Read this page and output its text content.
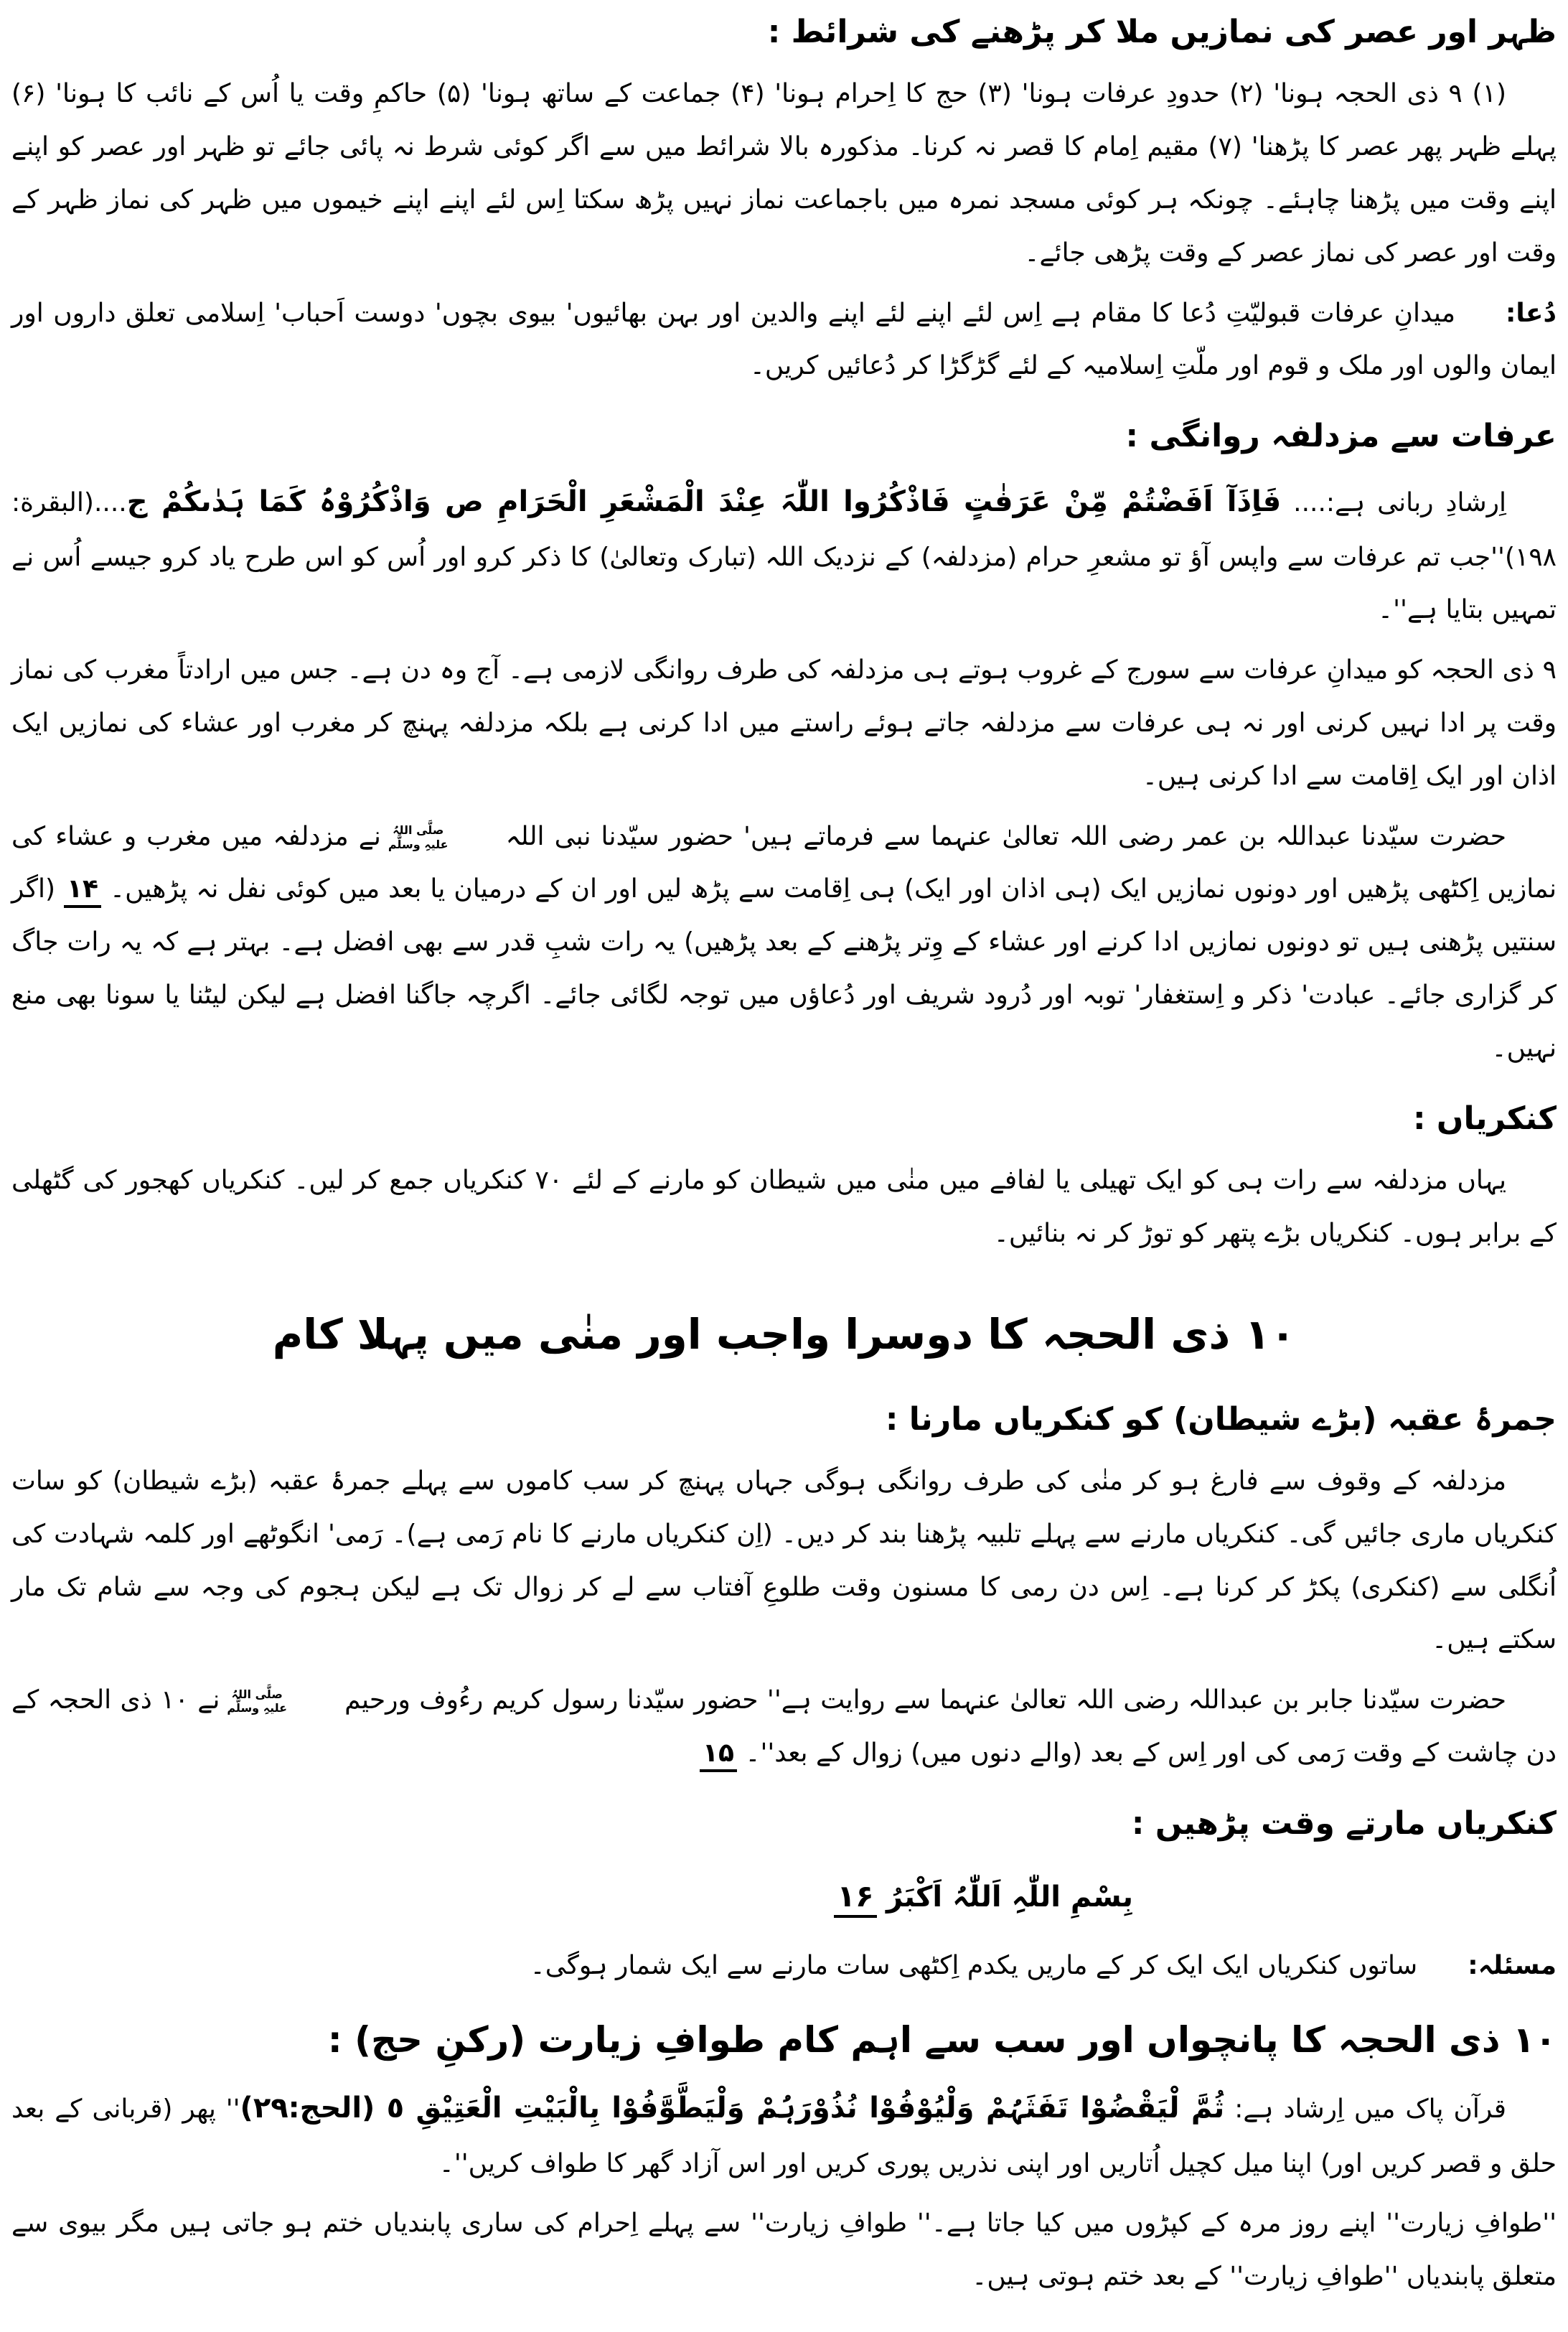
ظہر اور عصر کی نمازیں ملا کر پڑھنے کی شرائط :

(۱) ۹ ذی الحجہ ہونا' (۲) حدودِ عرفات ہونا' (۳) حج کا اِحرام ہونا' (۴) جماعت کے ساتھ ہونا' (۵) حاکمِ وقت یا اُس کے نائب کا ہونا' (۶) پہلے ظہر پھر عصر کا پڑھنا' (۷) مقیم اِمام کا قصر نہ کرنا۔ مذکورہ بالا شرائط میں سے اگر کوئی شرط نہ پائی جائے تو ظہر اور عصر کو اپنے اپنے وقت میں پڑھنا چاہئے۔ چونکہ ہر کوئی مسجد نمرہ میں باجماعت نماز نہیں پڑھ سکتا اِس لئے اپنے اپنے خیموں میں ظہر کی نماز ظہر کے وقت اور عصر کی نماز عصر کے وقت پڑھی جائے۔

دُعا:میدانِ عرفات قبولیّتِ دُعا کا مقام ہے اِس لئے اپنے لئے اپنے والدین اور بہن بھائیوں' بیوی بچوں' دوست اَحباب' اِسلامی تعلق داروں اور ایمان والوں اور ملک و قوم اور ملّتِ اِسلامیہ کے لئے گڑگڑا کر دُعائیں کریں۔

عرفات سے مزدلفہ روانگی :

اِرشادِ ربانی ہے:.... فَاِذَآ اَفَضْتُمْ مِّنْ عَرَفٰتٍ فَاذْکُرُوا اللّٰہَ عِنْدَ الْمَشْعَرِ الْحَرَامِ ص وَاذْکُرُوْہُ کَمَا ہَدٰىکُمْ ج....(البقرة: ۱۹۸)''جب تم عرفات سے واپس آؤ تو مشعرِ حرام (مزدلفہ) کے نزدیک اللہ (تبارک وتعالیٰ) کا ذکر کرو اور اُس کو اس طرح یاد کرو جیسے اُس نے تمہیں بتایا ہے''۔

۹ ذی الحجہ کو میدانِ عرفات سے سورج کے غروب ہوتے ہی مزدلفہ کی طرف روانگی لازمی ہے۔ آج وہ دن ہے۔ جس میں ارادتاً مغرب کی نماز وقت پر ادا نہیں کرنی اور نہ ہی عرفات سے مزدلفہ جاتے ہوئے راستے میں ادا کرنی ہے بلکہ مزدلفہ پہنچ کر مغرب اور عشاء کی نمازیں ایک اذان اور ایک اِقامت سے ادا کرنی ہیں۔

حضرت سیّدنا عبداللہ بن عمر رضی اللہ تعالیٰ عنہما سے فرماتے ہیں' حضور سیّدنا نبی اللہ
صلَّی اللہُ
علیہِ وسلَّم
نے مزدلفہ میں مغرب و عشاء کی نمازیں اِکٹھی پڑھیں اور دونوں نمازیں ایک (ہی اذان اور ایک) ہی اِقامت سے پڑھ لیں اور ان کے درمیان یا بعد میں کوئی نفل نہ پڑھیں۔ ۱۴ (اگر سنتیں پڑھنی ہیں تو دونوں نمازیں ادا کرنے اور عشاء کے وِتر پڑھنے کے بعد پڑھیں) یہ رات شبِ قدر سے بھی افضل ہے۔ بہتر ہے کہ یہ رات جاگ کر گزاری جائے۔ عبادت' ذکر و اِستغفار' توبہ اور دُرود شریف اور دُعاؤں میں توجہ لگائی جائے۔ اگرچہ جاگنا افضل ہے لیکن لیٹنا یا سونا بھی منع نہیں۔

کنکریاں :

یہاں مزدلفہ سے رات ہی کو ایک تھیلی یا لفافے میں منٰی میں شیطان کو مارنے کے لئے ۷۰ کنکریاں جمع کر لیں۔ کنکریاں کھجور کی گٹھلی کے برابر ہوں۔ کنکریاں بڑے پتھر کو توڑ کر نہ بنائیں۔

۱۰ ذی الحجہ کا دوسرا واجب اور منٰی میں پہلا کام
جمرۂ عقبہ (بڑے شیطان) کو کنکریاں مارنا :

مزدلفہ کے وقوف سے فارغ ہو کر منٰی کی طرف روانگی ہوگی جہاں پہنچ کر سب کاموں سے پہلے جمرۂ عقبہ (بڑے شیطان) کو سات کنکریاں ماری جائیں گی۔ کنکریاں مارنے سے پہلے تلبیہ پڑھنا بند کر دیں۔ (اِن کنکریاں مارنے کا نام رَمی ہے)۔ رَمی' انگوٹھے اور کلمہ شہادت کی اُنگلی سے (کنکری) پکڑ کر کرنا ہے۔ اِس دن رمی کا مسنون وقت طلوعِ آفتاب سے لے کر زوال تک ہے لیکن ہجوم کی وجہ سے شام تک مار سکتے ہیں۔

حضرت سیّدنا جابر بن عبداللہ رضی اللہ تعالیٰ عنہما سے روایت ہے'' حضور سیّدنا رسول کریم رءُوف ورحیم
صلَّی اللہُ
علیہِ وسلَّم
نے ۱۰ ذی الحجہ کے دن چاشت کے وقت رَمی کی اور اِس کے بعد (والے دنوں میں) زوال کے بعد''۔ ۱۵

کنکریاں مارتے وقت پڑھیں :

بِسْمِ اللّٰہِ اَللّٰہُ اَکْبَرُ ۱۶

مسئلہ:ساتوں کنکریاں ایک ایک کر کے ماریں یکدم اِکٹھی سات مارنے سے ایک شمار ہوگی۔

۱۰ ذی الحجہ کا پانچواں اور سب سے اہم کام طوافِ زیارت (رکنِ حج) :

قرآن پاک میں اِرشاد ہے: ثُمَّ لْیَقْضُوْا تَفَثَہُمْ وَلْیُوْفُوْا نُذُوْرَہُمْ وَلْیَطَّوَّفُوْا بِالْبَیْتِ الْعَتِیْقِ ٥ (الحج:۲۹)'' پھر (قربانی کے بعد حلق و قصر کریں اور) اپنا میل کچیل اُتاریں اور اپنی نذریں پوری کریں اور اس آزاد گھر کا طواف کریں''۔

''طوافِ زیارت'' اپنے روز مرہ کے کپڑوں میں کیا جاتا ہے۔'' طوافِ زیارت'' سے پہلے اِحرام کی ساری پابندیاں ختم ہو جاتی ہیں مگر بیوی سے متعلق پابندیاں ''طوافِ زیارت'' کے بعد ختم ہوتی ہیں۔
